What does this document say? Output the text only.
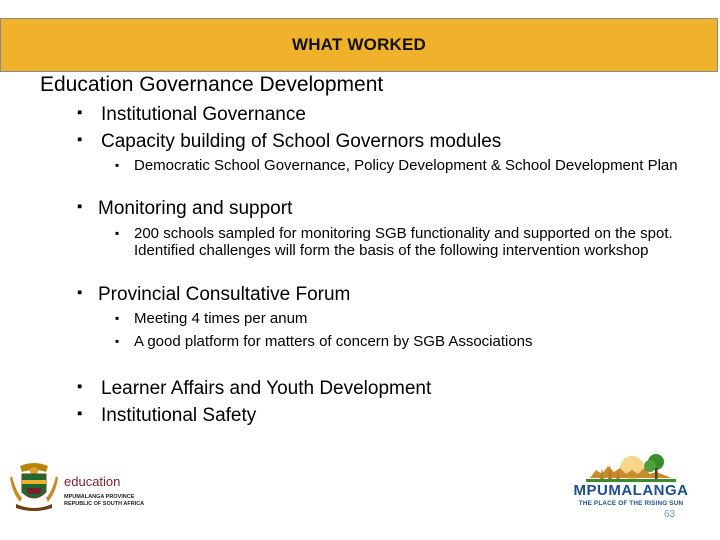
WHAT WORKED
Education Governance Development
▪ Institutional Governance
▪ Capacity building of School Governors modules
▪ Democratic School Governance, Policy Development & School Development Plan
▪ Monitoring and support
▪ 200 schools sampled for monitoring SGB functionality and supported on the spot. Identified challenges will form the basis of the following intervention workshop
▪ Provincial Consultative Forum
▪ Meeting 4 times per anum
▪ A good platform for matters of concern by SGB Associations
▪ Learner Affairs and Youth Development
▪ Institutional Safety
education
MPUMALANGA PROVINCE
REPUBLIC OF SOUTH AFRICA
MPUMALANGA
THE PLACE OF THE RISING SUN
63
